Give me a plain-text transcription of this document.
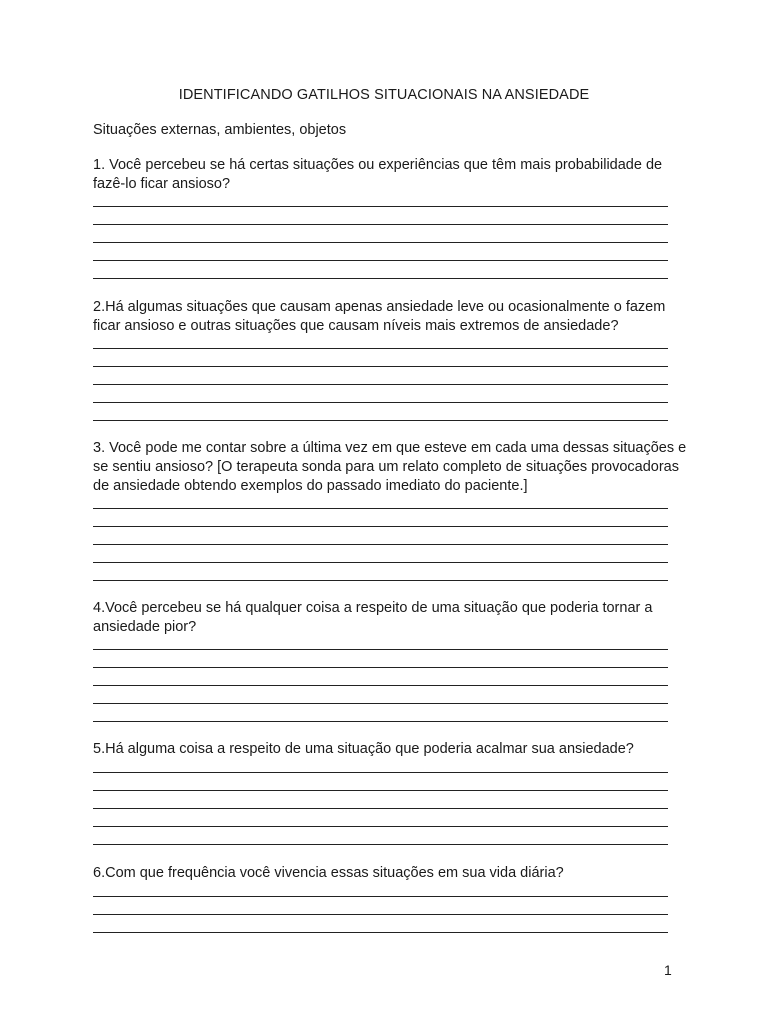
IDENTIFICANDO GATILHOS SITUACIONAIS NA ANSIEDADE
Situações externas, ambientes, objetos
1. Você percebeu se há certas situações ou experiências que têm mais probabilidade de
fazê-lo ficar ansioso?
2.Há algumas situações que causam apenas ansiedade leve ou ocasionalmente o fazem
ficar ansioso e outras situações que causam níveis mais extremos de ansiedade?
3. Você pode me contar sobre a última vez em que esteve em cada uma dessas situações e
se sentiu ansioso? [O terapeuta sonda para um relato completo de situações provocadoras
de ansiedade obtendo exemplos do passado imediato do paciente.]
4.Você percebeu se há qualquer coisa a respeito de uma situação que poderia tornar a
ansiedade pior?
5.Há alguma coisa a respeito de uma situação que poderia acalmar sua ansiedade?
6.Com que frequência você vivencia essas situações em sua vida diária?
1
